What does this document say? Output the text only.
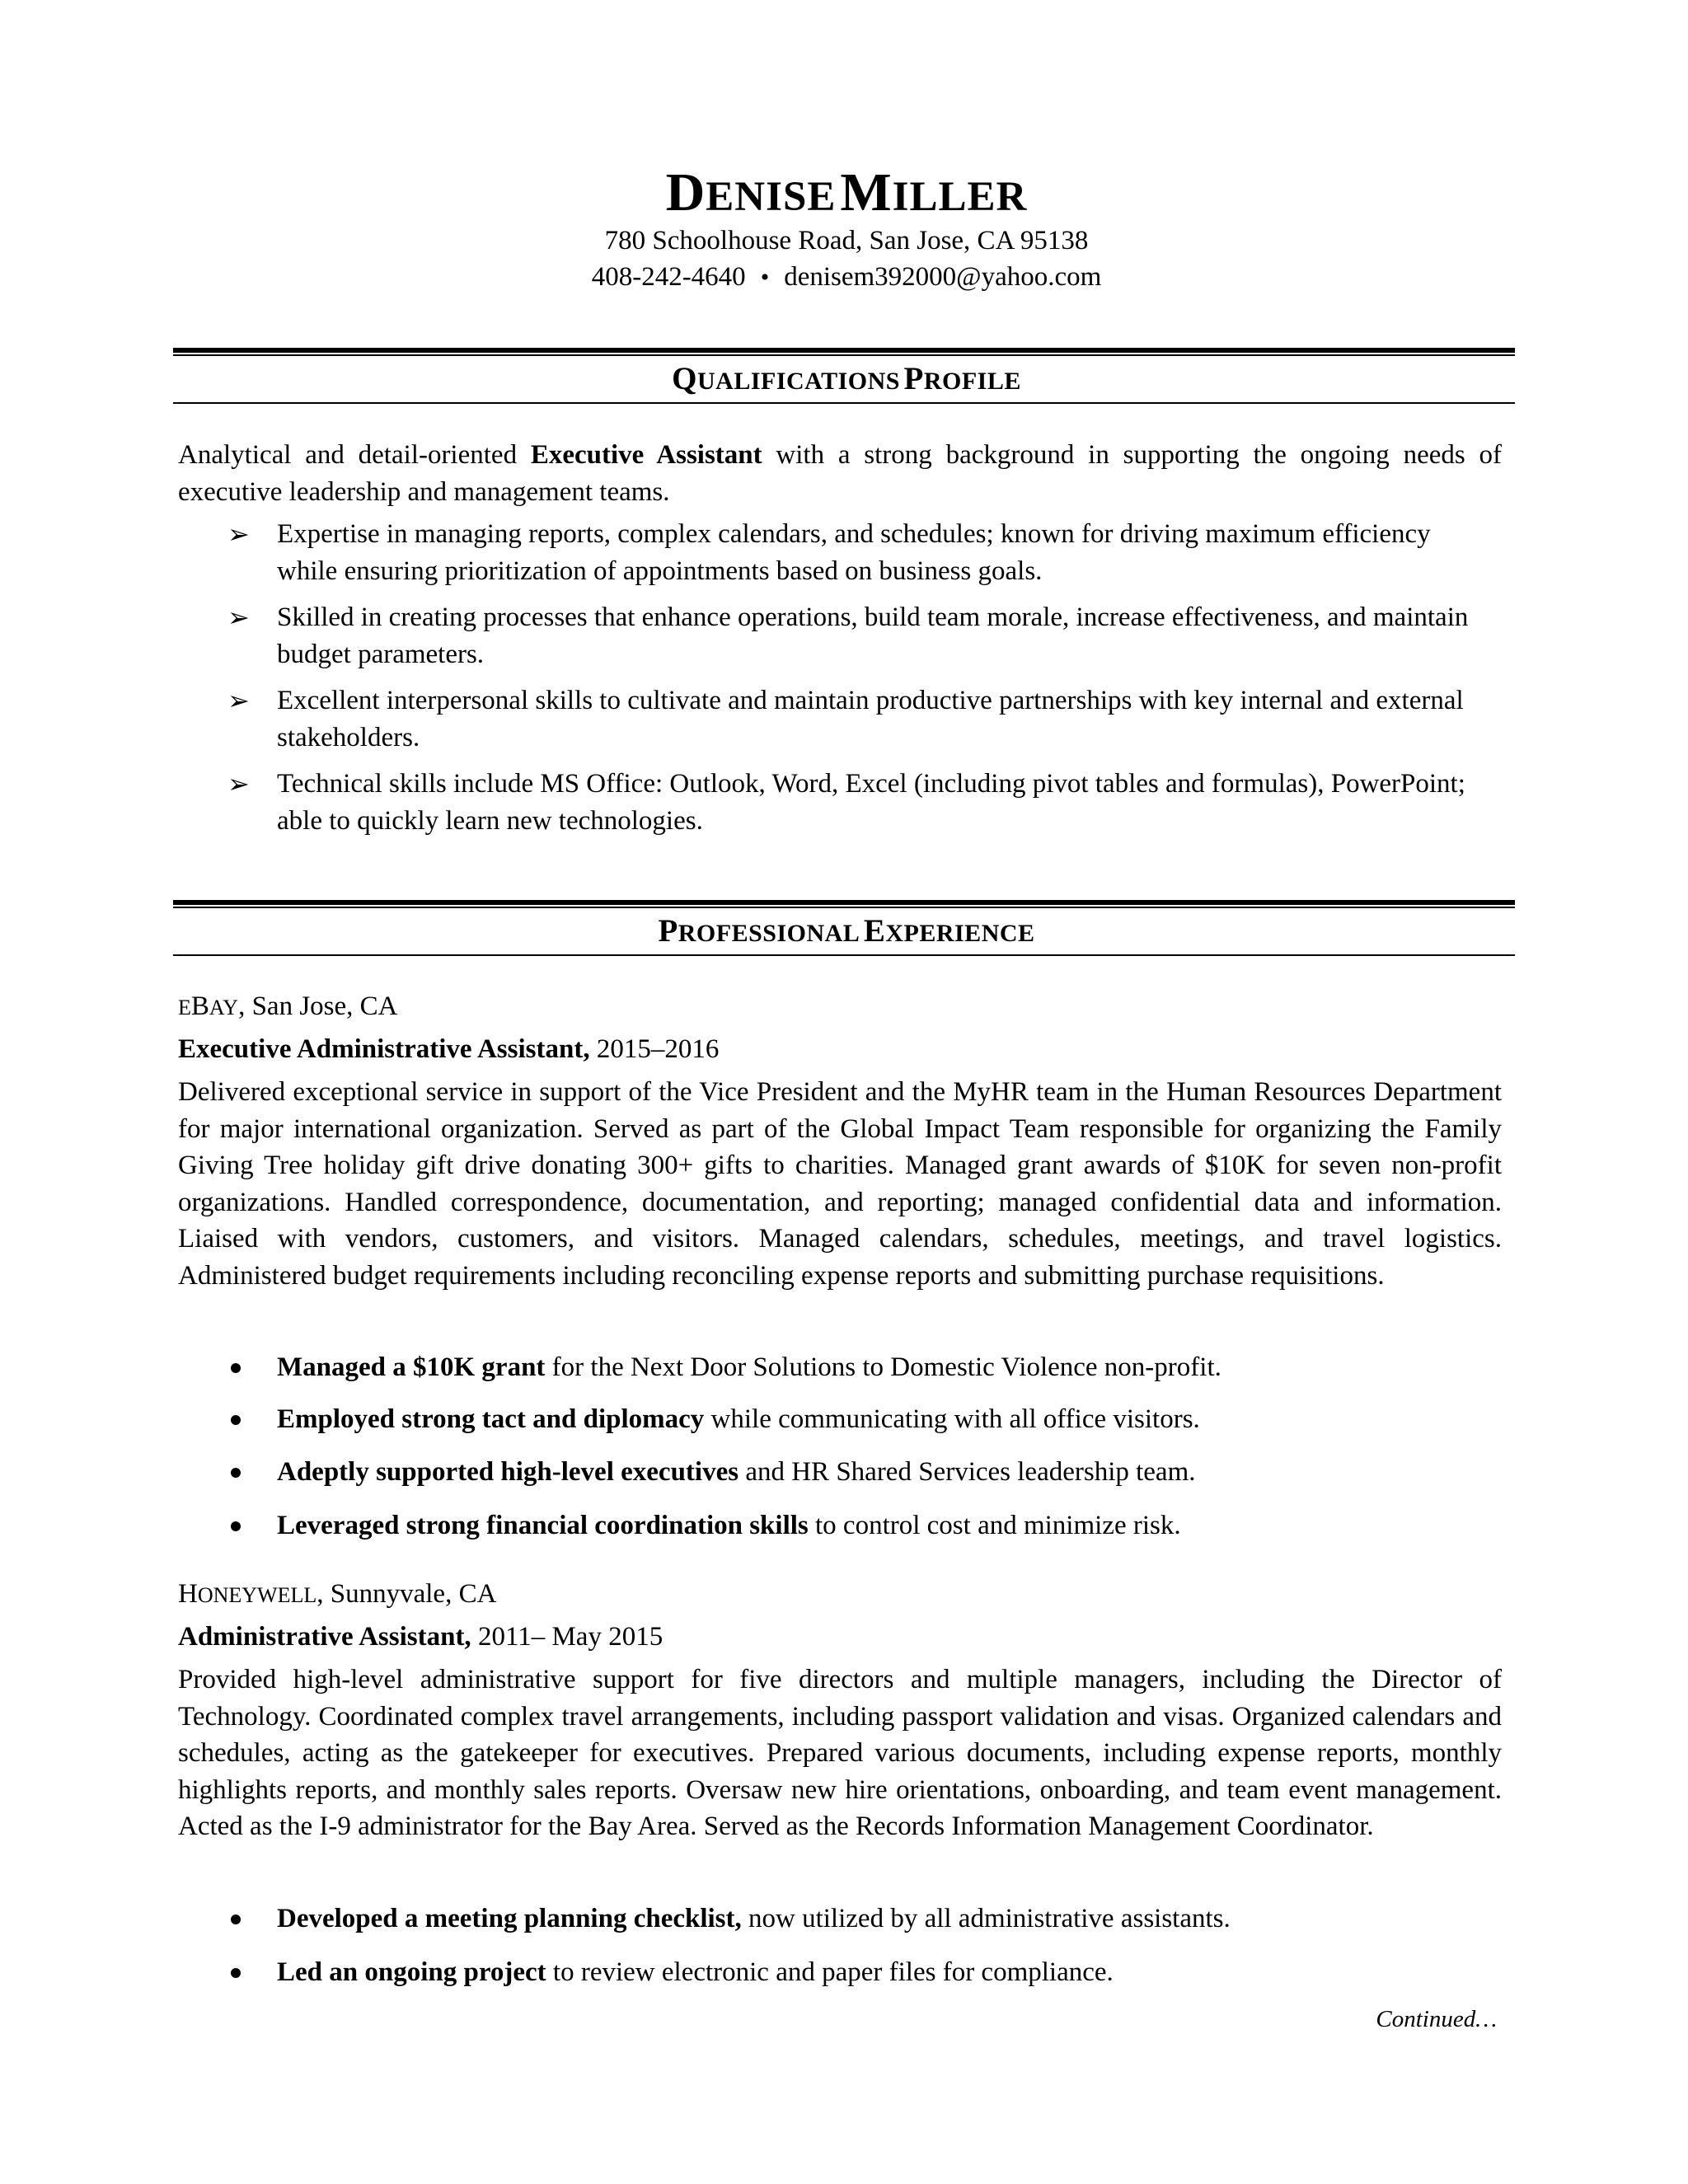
DENISE MILLER
780 Schoolhouse Road, San Jose, CA 95138
408-242-4640 • denisem392000@yahoo.com
QUALIFICATIONS PROFILE
Analytical and detail-oriented Executive Assistant with a strong background in supporting the ongoing needs of executive leadership and management teams.
➢ Expertise in managing reports, complex calendars, and schedules; known for driving maximum efficiency while ensuring prioritization of appointments based on business goals.
➢ Skilled in creating processes that enhance operations, build team morale, increase effectiveness, and maintain budget parameters.
➢ Excellent interpersonal skills to cultivate and maintain productive partnerships with key internal and external stakeholders.
➢ Technical skills include MS Office: Outlook, Word, Excel (including pivot tables and formulas), PowerPoint; able to quickly learn new technologies.
PROFESSIONAL EXPERIENCE
EBAY, San Jose, CA
Executive Administrative Assistant, 2015–2016
Delivered exceptional service in support of the Vice President and the MyHR team in the Human Resources Department for major international organization. Served as part of the Global Impact Team responsible for organizing the Family Giving Tree holiday gift drive donating 300+ gifts to charities. Managed grant awards of $10K for seven non-profit organizations. Handled correspondence, documentation, and reporting; managed confidential data and information. Liaised with vendors, customers, and visitors. Managed calendars, schedules, meetings, and travel logistics. Administered budget requirements including reconciling expense reports and submitting purchase requisitions.
Managed a $10K grant for the Next Door Solutions to Domestic Violence non-profit.
Employed strong tact and diplomacy while communicating with all office visitors.
Adeptly supported high-level executives and HR Shared Services leadership team.
Leveraged strong financial coordination skills to control cost and minimize risk.
HONEYWELL, Sunnyvale, CA
Administrative Assistant, 2011– May 2015
Provided high-level administrative support for five directors and multiple managers, including the Director of Technology. Coordinated complex travel arrangements, including passport validation and visas. Organized calendars and schedules, acting as the gatekeeper for executives. Prepared various documents, including expense reports, monthly highlights reports, and monthly sales reports. Oversaw new hire orientations, onboarding, and team event management. Acted as the I-9 administrator for the Bay Area. Served as the Records Information Management Coordinator.
Developed a meeting planning checklist, now utilized by all administrative assistants.
Led an ongoing project to review electronic and paper files for compliance.
Continued…
